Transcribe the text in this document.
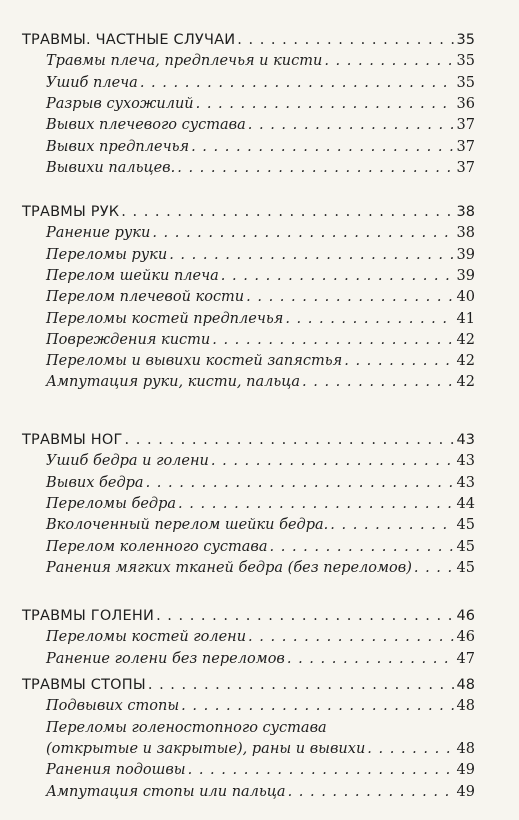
ТРАВМЫ. ЧАСТНЫЕ СЛУЧАИ . . .	35
Травмы плеча, предплечья и кисти . . .	35
Ушиб плеча . . .	35
Разрыв сухожилий . . .	36
Вывих плечевого сустава . . .	37
Вывих предплечья . . .	37
Вывихи пальцев. . . .	37
ТРАВМЫ РУК . . .	38
Ранение руки . . .	38
Переломы руки . . .	39
Перелом шейки плеча . . .	39
Перелом плечевой кости . . .	40
Переломы костей предплечья . . .	41
Повреждения кисти . . .	42
Переломы и вывихи костей запястья . . .	42
Ампутация руки, кисти, пальца . . .	42
ТРАВМЫ НОГ . . .	43
Ушиб бедра и голени . . .	43
Вывих бедра . . .	43
Переломы бедра . . .	44
Вколоченный перелом шейки бедра. . . .	45
Перелом коленного сустава . . .	45
Ранения мягких тканей бедра (без переломов) . . .	45
ТРАВМЫ ГОЛЕНИ . . .	46
Переломы костей голени . . .	46
Ранение голени без переломов . . .	47
ТРАВМЫ СТОПЫ . . .	48
Подвывих стопы . . .	48
Переломы голеностопного сустава
(открытые и закрытые), раны и вывихи . . .	48
Ранения подошвы . . .	49
Ампутация стопы или пальца . . .	49
